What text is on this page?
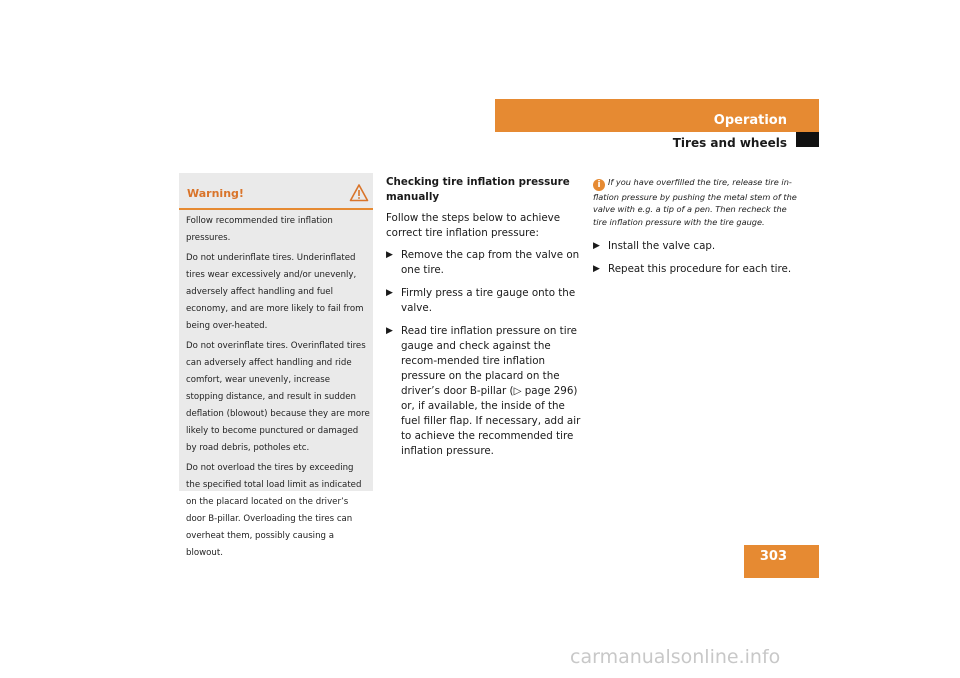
Operation
Tires and wheels
Warning!

Follow recommended tire inflation pressures.

Do not underinflate tires. Underinflated tires wear excessively and/or unevenly, adversely affect handling and fuel economy, and are more likely to fail from being over-heated.

Do not overinflate tires. Overinflated tires can adversely affect handling and ride comfort, wear unevenly, increase stopping distance, and result in sudden deflation (blowout) because they are more likely to become punctured or damaged by road debris, potholes etc.

Do not overload the tires by exceeding the specified total load limit as indicated on the placard located on the driver’s door B-pillar. Overloading the tires can overheat them, possibly causing a blowout.

Checking tire inflation pressure manually
Follow the steps below to achieve correct tire inflation pressure:
▶ Remove the cap from the valve on one tire.
▶ Firmly press a tire gauge onto the valve.
▶ Read tire inflation pressure on tire gauge and check against the recom-mended tire inflation pressure on the placard on the driver’s door B-pillar (▷ page 296) or, if available, the inside of the fuel filler flap. If necessary, add air to achieve the recommended tire inflation pressure.
i If you have overfilled the tire, release tire in-flation pressure by pushing the metal stem of the valve with e.g. a tip of a pen. Then recheck the tire inflation pressure with the tire gauge.
▶ Install the valve cap.
▶ Repeat this procedure for each tire.
303
carmanualsonline.info
